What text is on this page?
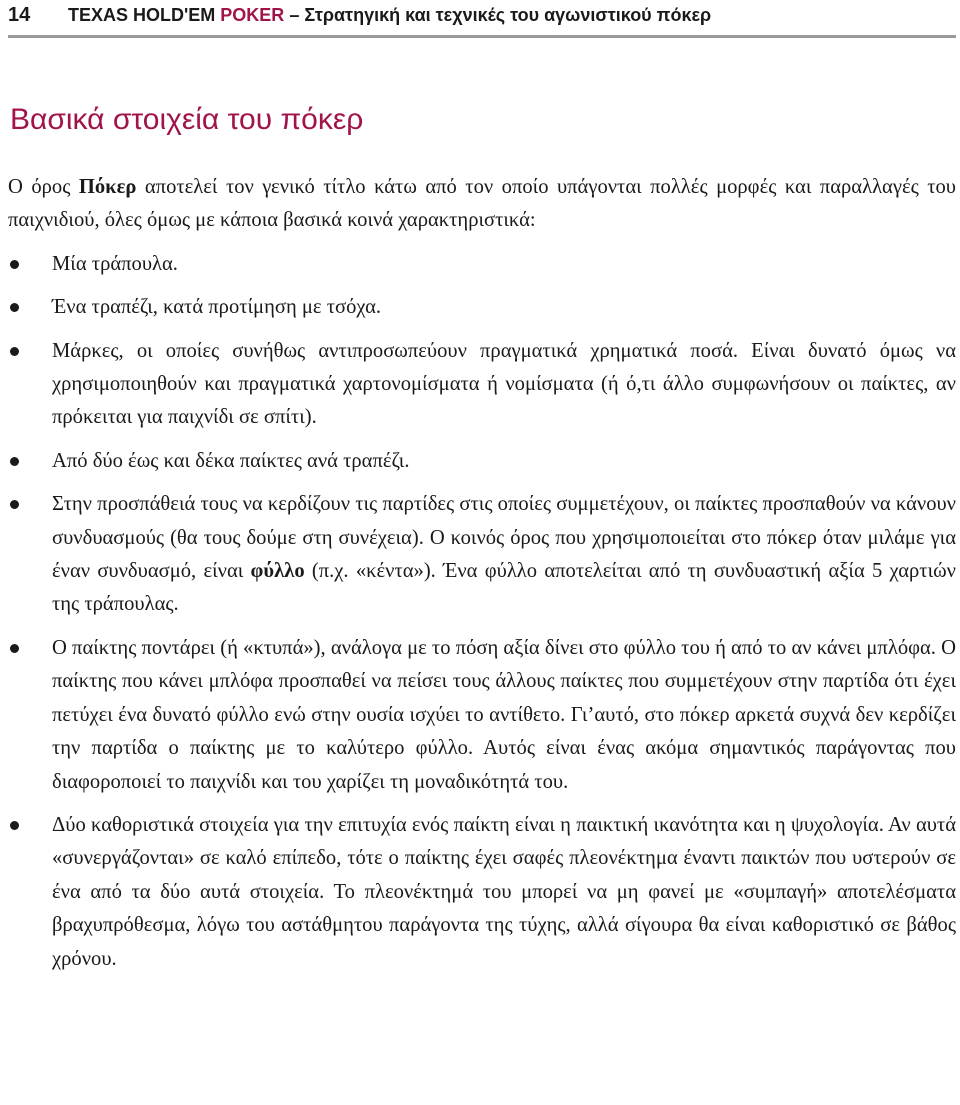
14 TEXAS HOLD'EM POKER – Στρατηγική και τεχνικές του αγωνιστικού πόκερ
Βασικά στοιχεία του πόκερ

Ο όρος Πόκερ αποτελεί τον γενικό τίτλο κάτω από τον οποίο υπάγονται πολλές μορφές και παραλλαγές του παιχνιδιού, όλες όμως με κάποια βασικά κοινά χαρακτηριστικά:

Μία τράπουλα.
Ένα τραπέζι, κατά προτίμηση με τσόχα.
Μάρκες, οι οποίες συνήθως αντιπροσωπεύουν πραγματικά χρηματικά ποσά. Είναι δυνατό όμως να χρησιμοποιηθούν και πραγματικά χαρτονομίσματα ή νομίσματα (ή ό,τι άλλο συμφωνήσουν οι παίκτες, αν πρόκειται για παιχνίδι σε σπίτι).
Από δύο έως και δέκα παίκτες ανά τραπέζι.
Στην προσπάθειά τους να κερδίζουν τις παρτίδες στις οποίες συμμετέχουν, οι παίκτες προσπαθούν να κάνουν συνδυασμούς (θα τους δούμε στη συνέχεια). Ο κοινός όρος που χρησιμοποιείται στο πόκερ όταν μιλάμε για έναν συνδυασμό, είναι φύλλο (π.χ. «κέντα»). Ένα φύλλο αποτελείται από τη συνδυαστική αξία 5 χαρτιών της τράπουλας.
Ο παίκτης ποντάρει (ή «κτυπά»), ανάλογα με το πόση αξία δίνει στο φύλλο του ή από το αν κάνει μπλόφα. Ο παίκτης που κάνει μπλόφα προσπαθεί να πείσει τους άλλους παίκτες που συμμετέχουν στην παρτίδα ότι έχει πετύχει ένα δυνατό φύλλο ενώ στην ουσία ισχύει το αντίθετο. Γι’αυτό, στο πόκερ αρκετά συχνά δεν κερδίζει την παρτίδα ο παίκτης με το καλύτερο φύλλο. Αυτός είναι ένας ακόμα σημαντικός παράγοντας που διαφοροποιεί το παιχνίδι και του χαρίζει τη μοναδικότητά του.
Δύο καθοριστικά στοιχεία για την επιτυχία ενός παίκτη είναι η παικτική ικανότητα και η ψυχολογία. Αν αυτά «συνεργάζονται» σε καλό επίπεδο, τότε ο παίκτης έχει σαφές πλεονέκτημα έναντι παικτών που υστερούν σε ένα από τα δύο αυτά στοιχεία. Το πλεονέκτημά του μπορεί να μη φανεί με «συμπαγή» αποτελέσματα βραχυπρόθεσμα, λόγω του αστάθμητου παράγοντα της τύχης, αλλά σίγουρα θα είναι καθοριστικό σε βάθος χρόνου.
